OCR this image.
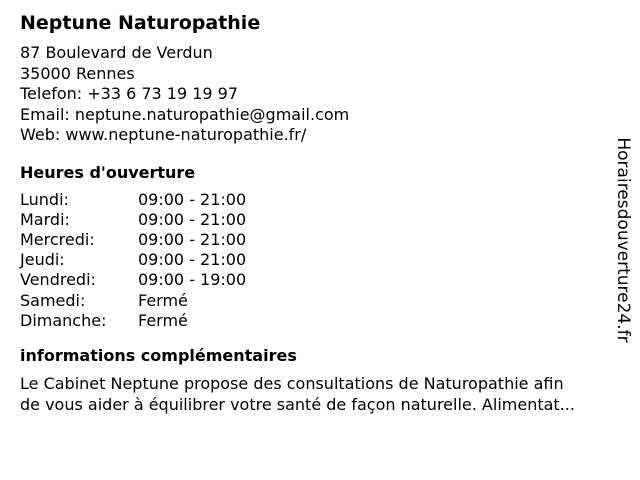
Neptune Naturopathie
87 Boulevard de Verdun
35000 Rennes
Telefon: +33 6 73 19 19 97
Email: neptune.naturopathie@gmail.com
Web: www.neptune-naturopathie.fr/
Heures d'ouverture
Lundi:	09:00 - 21:00
Mardi:	09:00 - 21:00
Mercredi:	09:00 - 21:00
Jeudi:	09:00 - 21:00
Vendredi:	09:00 - 19:00
Samedi:	Fermé
Dimanche:	Fermé
informations complémentaires
Le Cabinet Neptune propose des consultations de Naturopathie afin
de vous aider à équilibrer votre santé de façon naturelle. Alimentat...
Horairesdouverture24.fr
